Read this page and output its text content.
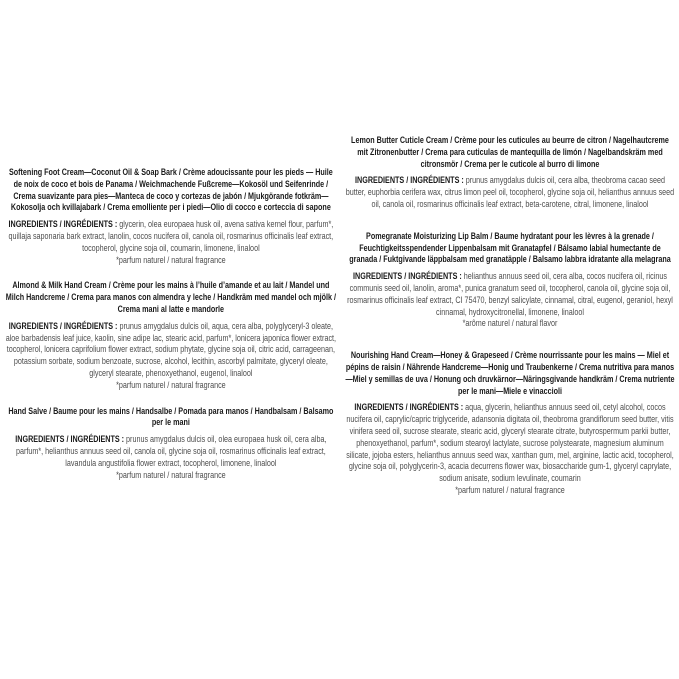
Softening Foot Cream—Coconut Oil & Soap Bark / Crème adoucissante pour les pieds — Huile de noix de coco et bois de Panama / Weichmachende Fußcreme—Kokosöl und Seifenrinde / Crema suavizante para pies—Manteca de coco y cortezas de jabón / Mjukgörande fotkräm—Kokosolja och kvillajabark / Crema emolliente per i piedi—Olio di cocco e corteccia di sapone

INGREDIENTS / INGRÉDIENTS : glycerin, olea europaea husk oil, avena sativa kernel flour, parfum*, quillaja saponaria bark extract, lanolin, cocos nucifera oil, canola oil, rosmarinus officinalis leaf extract, tocopherol, glycine soja oil, coumarin, limonene, linalool

*parfum naturel / natural fragrance

Almond & Milk Hand Cream / Crème pour les mains à l’huile d’amande et au lait / Mandel und Milch Handcreme / Crema para manos con almendra y leche / Handkräm med mandel och mjölk / Crema mani al latte e mandorle

INGREDIENTS / INGRÉDIENTS : prunus amygdalus dulcis oil, aqua, cera alba, polyglyceryl-3 oleate, aloe barbadensis leaf juice, kaolin, sine adipe lac, stearic acid, parfum*, lonicera japonica flower extract, tocopherol, lonicera caprifolium flower extract, sodium phytate, glycine soja oil, citric acid, carrageenan, potassium sorbate, sodium benzoate, sucrose, alcohol, lecithin, ascorbyl palmitate, glyceryl oleate, glyceryl stearate, phenoxyethanol, eugenol, linalool

*parfum naturel / natural fragrance

Hand Salve / Baume pour les mains / Handsalbe / Pomada para manos / Handbalsam / Balsamo per le mani

INGREDIENTS / INGRÉDIENTS : prunus amygdalus dulcis oil, olea europaea husk oil, cera alba, parfum*, helianthus annuus seed oil, canola oil, glycine soja oil, rosmarinus officinalis leaf extract, lavandula angustifolia flower extract, tocopherol, limonene, linalool

*parfum naturel / natural fragrance

Lemon Butter Cuticle Cream / Crème pour les cuticules au beurre de citron / Nagelhautcreme mit Zitronenbutter / Crema para cuticulas de mantequilla de limón / Nagelbandskräm med citronsmör / Crema per le cuticole al burro di limone

INGREDIENTS / INGRÉDIENTS : prunus amygdalus dulcis oil, cera alba, theobroma cacao seed butter, euphorbia cerifera wax, citrus limon peel oil, tocopherol, glycine soja oil, helianthus annuus seed oil, canola oil, rosmarinus officinalis leaf extract, beta-carotene, citral, limonene, linalool

Pomegranate Moisturizing Lip Balm / Baume hydratant pour les lèvres à la grenade / Feuchtigkeitsspendender Lippenbalsam mit Granatapfel / Bálsamo labial humectante de granada / Fuktgivande läppbalsam med granatäpple / Balsamo labbra idratante alla melagrana

INGREDIENTS / INGRÉDIENTS : helianthus annuus seed oil, cera alba, cocos nucifera oil, ricinus communis seed oil, lanolin, aroma*, punica granatum seed oil, tocopherol, canola oil, glycine soja oil, rosmarinus officinalis leaf extract, CI 75470, benzyl salicylate, cinnamal, citral, eugenol, geraniol, hexyl cinnamal, hydroxycitronellal, limonene, linalool

*arôme naturel / natural flavor

Nourishing Hand Cream—Honey & Grapeseed / Crème nourrissante pour les mains — Miel et pépins de raisin / Nährende Handcreme—Honig und Traubenkerne / Crema nutritiva para manos—Miel y semillas de uva / Honung och druvkärnor—Näringsgivande handkräm / Crema nutriente per le mani—Miele e vinaccioli

INGREDIENTS / INGRÉDIENTS : aqua, glycerin, helianthus annuus seed oil, cetyl alcohol, cocos nucifera oil, caprylic/capric triglyceride, adansonia digitata oil, theobroma grandiflorum seed butter, vitis vinifera seed oil, sucrose stearate, stearic acid, glyceryl stearate citrate, butyrospermum parkii butter, phenoxyethanol, parfum*, sodium stearoyl lactylate, sucrose polystearate, magnesium aluminum silicate, jojoba esters, helianthus annuus seed wax, xanthan gum, mel, arginine, lactic acid, tocopherol, glycine soja oil, polyglycerin-3, acacia decurrens flower wax, biosaccharide gum-1, glyceryl caprylate, sodium anisate, sodium levulinate, coumarin

*parfum naturel / natural fragrance
